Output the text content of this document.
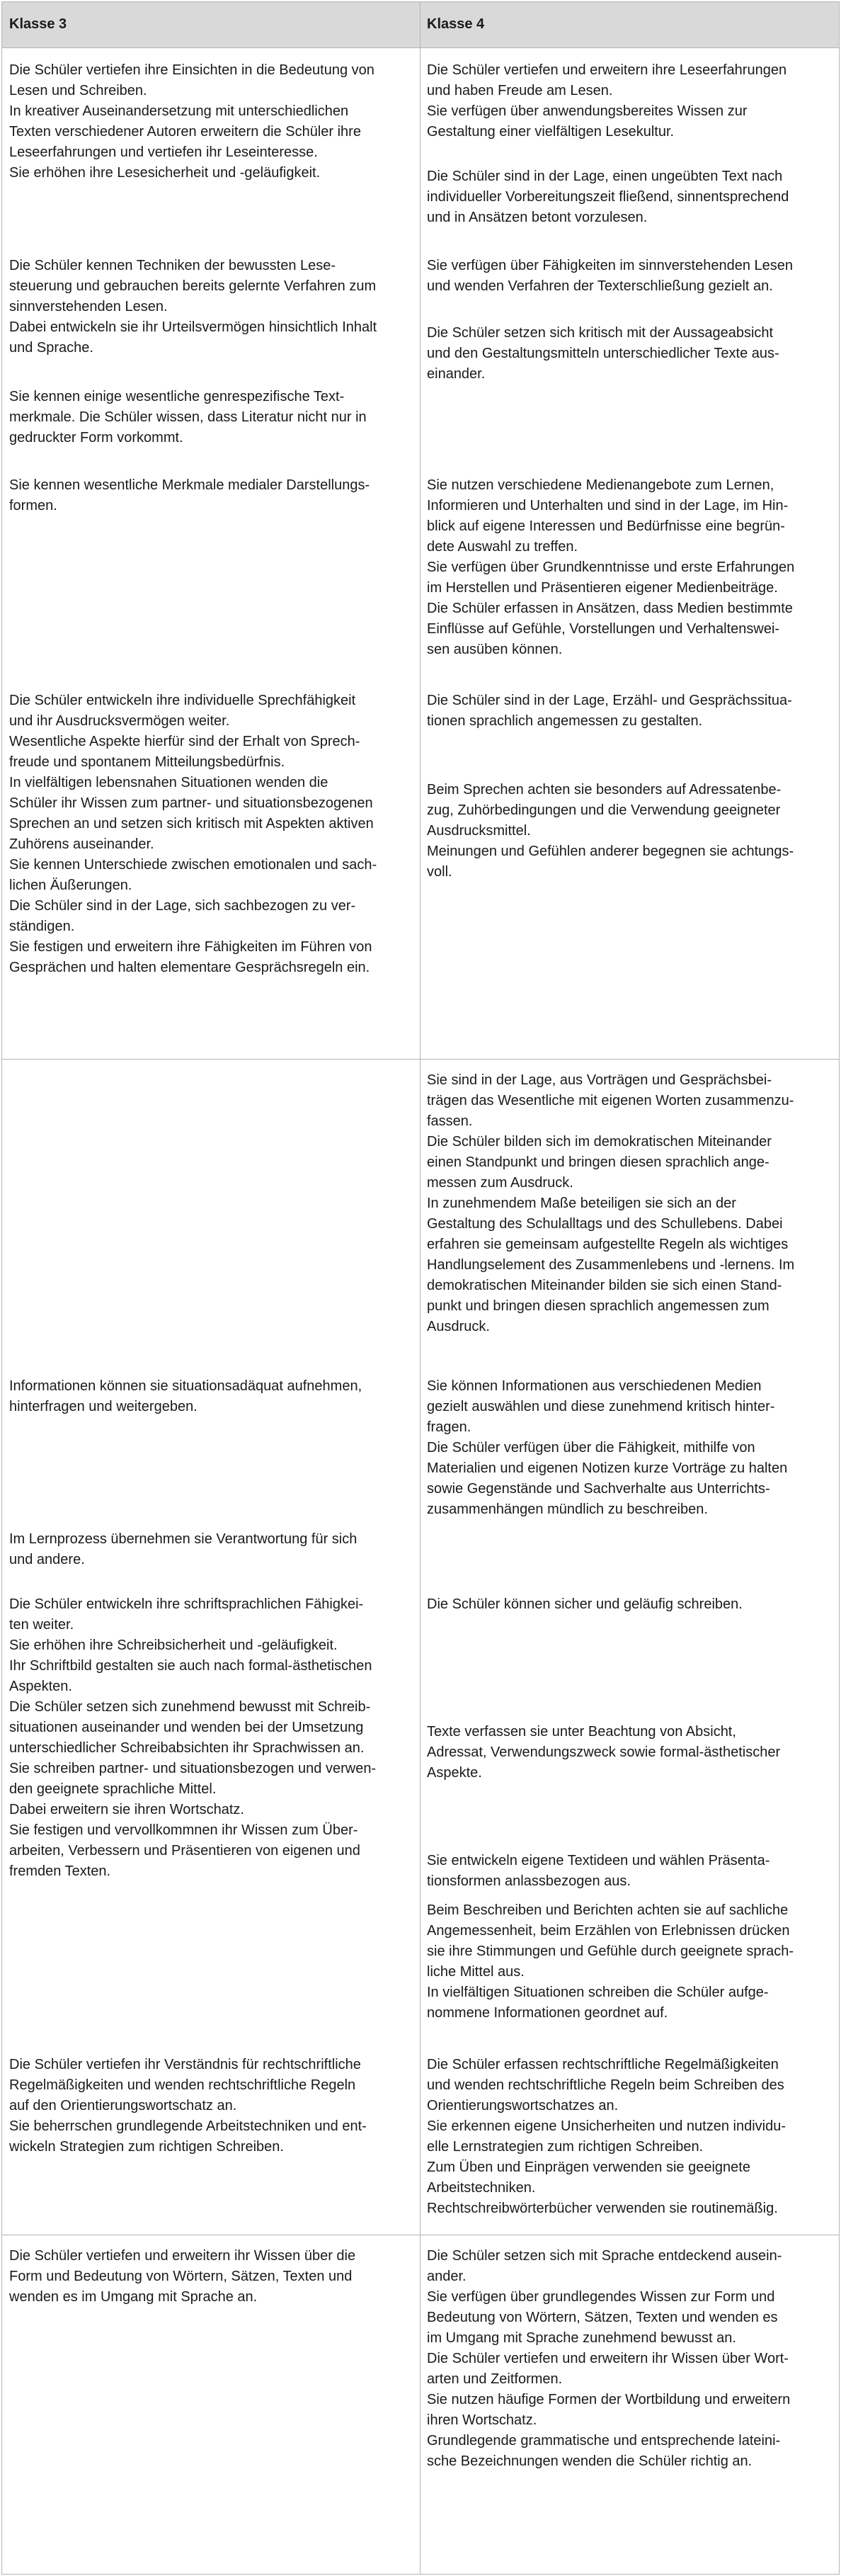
Klasse 3	Klasse 4
Die Schüler vertiefen ihre Einsichten in die Bedeutung von
Lesen und Schreiben.
In kreativer Auseinandersetzung mit unterschiedlichen
Texten verschiedener Autoren erweitern die Schüler ihre
Leseerfahrungen und vertiefen ihr Leseinteresse.
Sie erhöhen ihre Lesesicherheit und -geläufigkeit.
Die Schüler kennen Techniken der bewussten Lese-
steuerung und gebrauchen bereits gelernte Verfahren zum
sinnverstehenden Lesen.
Dabei entwickeln sie ihr Urteilsvermögen hinsichtlich Inhalt
und Sprache.
Sie kennen einige wesentliche genrespezifische Text-
merkmale. Die Schüler wissen, dass Literatur nicht nur in
gedruckter Form vorkommt.
Sie kennen wesentliche Merkmale medialer Darstellungs-
formen.
Die Schüler entwickeln ihre individuelle Sprechfähigkeit
und ihr Ausdrucksvermögen weiter.
Wesentliche Aspekte hierfür sind der Erhalt von Sprech-
freude und spontanem Mitteilungsbedürfnis.
In vielfältigen lebensnahen Situationen wenden die
Schüler ihr Wissen zum partner- und situationsbezogenen
Sprechen an und setzen sich kritisch mit Aspekten aktiven
Zuhörens auseinander.
Sie kennen Unterschiede zwischen emotionalen und sach-
lichen Äußerungen.
Die Schüler sind in der Lage, sich sachbezogen zu ver-
ständigen.
Sie festigen und erweitern ihre Fähigkeiten im Führen von
Gesprächen und halten elementare Gesprächsregeln ein.
Die Schüler vertiefen und erweitern ihre Leseerfahrungen
und haben Freude am Lesen.
Sie verfügen über anwendungsbereites Wissen zur
Gestaltung einer vielfältigen Lesekultur.
Die Schüler sind in der Lage, einen ungeübten Text nach
individueller Vorbereitungszeit fließend, sinnentsprechend
und in Ansätzen betont vorzulesen.
Sie verfügen über Fähigkeiten im sinnverstehenden Lesen
und wenden Verfahren der Texterschließung gezielt an.
Die Schüler setzen sich kritisch mit der Aussageabsicht
und den Gestaltungsmitteln unterschiedlicher Texte aus-
einander.
Sie nutzen verschiedene Medienangebote zum Lernen,
Informieren und Unterhalten und sind in der Lage, im Hin-
blick auf eigene Interessen und Bedürfnisse eine begrün-
dete Auswahl zu treffen.
Sie verfügen über Grundkenntnisse und erste Erfahrungen
im Herstellen und Präsentieren eigener Medienbeiträge.
Die Schüler erfassen in Ansätzen, dass Medien bestimmte
Einflüsse auf Gefühle, Vorstellungen und Verhaltenswei-
sen ausüben können.
Die Schüler sind in der Lage, Erzähl- und Gesprächssitua-
tionen sprachlich angemessen zu gestalten.
Beim Sprechen achten sie besonders auf Adressatenbe-
zug, Zuhörbedingungen und die Verwendung geeigneter
Ausdrucksmittel.
Meinungen und Gefühlen anderer begegnen sie achtungs-
voll.
Informationen können sie situationsadäquat aufnehmen,
hinterfragen und weitergeben.
Im Lernprozess übernehmen sie Verantwortung für sich
und andere.
Die Schüler entwickeln ihre schriftsprachlichen Fähigkei-
ten weiter.
Sie erhöhen ihre Schreibsicherheit und -geläufigkeit.
Ihr Schriftbild gestalten sie auch nach formal-ästhetischen
Aspekten.
Die Schüler setzen sich zunehmend bewusst mit Schreib-
situationen auseinander und wenden bei der Umsetzung
unterschiedlicher Schreibabsichten ihr Sprachwissen an.
Sie schreiben partner- und situationsbezogen und verwen-
den geeignete sprachliche Mittel.
Dabei erweitern sie ihren Wortschatz.
Sie festigen und vervollkommnen ihr Wissen zum Über-
arbeiten, Verbessern und Präsentieren von eigenen und
fremden Texten.
Die Schüler vertiefen ihr Verständnis für rechtschriftliche
Regelmäßigkeiten und wenden rechtschriftliche Regeln
auf den Orientierungswortschatz an.
Sie beherrschen grundlegende Arbeitstechniken und ent-
wickeln Strategien zum richtigen Schreiben.
Sie sind in der Lage, aus Vorträgen und Gesprächsbei-
trägen das Wesentliche mit eigenen Worten zusammenzu-
fassen.
Die Schüler bilden sich im demokratischen Miteinander
einen Standpunkt und bringen diesen sprachlich ange-
messen zum Ausdruck.
In zunehmendem Maße beteiligen sie sich an der
Gestaltung des Schulalltags und des Schullebens. Dabei
erfahren sie gemeinsam aufgestellte Regeln als wichtiges
Handlungselement des Zusammenlebens und -lernens. Im
demokratischen Miteinander bilden sie sich einen Stand-
punkt und bringen diesen sprachlich angemessen zum
Ausdruck.
Sie können Informationen aus verschiedenen Medien
gezielt auswählen und diese zunehmend kritisch hinter-
fragen.
Die Schüler verfügen über die Fähigkeit, mithilfe von
Materialien und eigenen Notizen kurze Vorträge zu halten
sowie Gegenstände und Sachverhalte aus Unterrichts-
zusammenhängen mündlich zu beschreiben.
Die Schüler können sicher und geläufig schreiben.
Texte verfassen sie unter Beachtung von Absicht,
Adressat, Verwendungszweck sowie formal-ästhetischer
Aspekte.
Sie entwickeln eigene Textideen und wählen Präsenta-
tionsformen anlassbezogen aus.
Beim Beschreiben und Berichten achten sie auf sachliche
Angemessenheit, beim Erzählen von Erlebnissen drücken
sie ihre Stimmungen und Gefühle durch geeignete sprach-
liche Mittel aus.
In vielfältigen Situationen schreiben die Schüler aufge-
nommene Informationen geordnet auf.
Die Schüler erfassen rechtschriftliche Regelmäßigkeiten
und wenden rechtschriftliche Regeln beim Schreiben des
Orientierungswortschatzes an.
Sie erkennen eigene Unsicherheiten und nutzen individu-
elle Lernstrategien zum richtigen Schreiben.
Zum Üben und Einprägen verwenden sie geeignete
Arbeitstechniken.
Rechtschreibwörterbücher verwenden sie routinemäßig.
Die Schüler vertiefen und erweitern ihr Wissen über die
Form und Bedeutung von Wörtern, Sätzen, Texten und
wenden es im Umgang mit Sprache an.
Die Schüler setzen sich mit Sprache entdeckend ausein-
ander.
Sie verfügen über grundlegendes Wissen zur Form und
Bedeutung von Wörtern, Sätzen, Texten und wenden es
im Umgang mit Sprache zunehmend bewusst an.
Die Schüler vertiefen und erweitern ihr Wissen über Wort-
arten und Zeitformen.
Sie nutzen häufige Formen der Wortbildung und erweitern
ihren Wortschatz.
Grundlegende grammatische und entsprechende lateini-
sche Bezeichnungen wenden die Schüler richtig an.
